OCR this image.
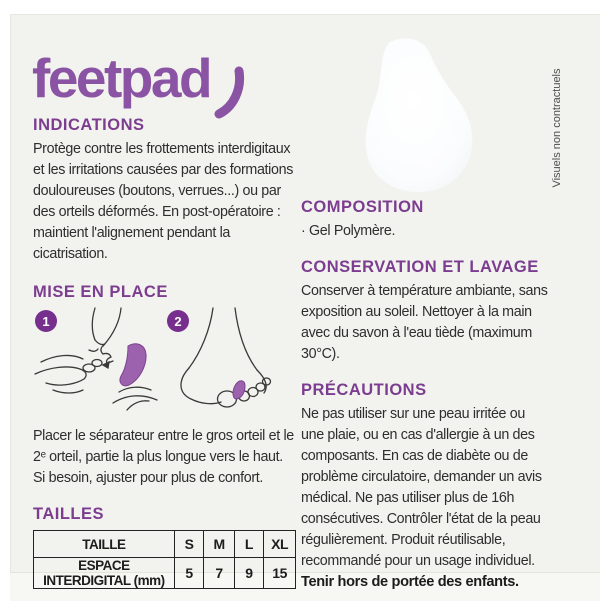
feetpad
INDICATIONS

Protège contre les frottements interdigitaux et les irritations causées par des formations douloureuses (boutons, verrues...) ou par des orteils déformés. En post-opératoire : maintient l'alignement pendant la cicatrisation.

MISE EN PLACE
1	2

Placer le séparateur entre le gros orteil et le 2ᵉ orteil, partie la plus longue vers le haut. Si besoin, ajuster pour plus de confort.

TAILLES
TAILLE	S	M	L	XL
ESPACE INTERDIGITAL (mm)	5	7	9	15
COMPOSITION

· Gel Polymère.

CONSERVATION ET LAVAGE

Conserver à température ambiante, sans exposition au soleil. Nettoyer à la main avec du savon à l'eau tiède (maximum 30°C).

PRÉCAUTIONS

Ne pas utiliser sur une peau irritée ou une plaie, ou en cas d'allergie à un des composants. En cas de diabète ou de problème circulatoire, demander un avis médical. Ne pas utiliser plus de 16h consécutives. Contrôler l'état de la peau régulièrement. Produit réutilisable, recommandé pour un usage individuel.

Tenir hors de portée des enfants.
Visuels non contractuels
